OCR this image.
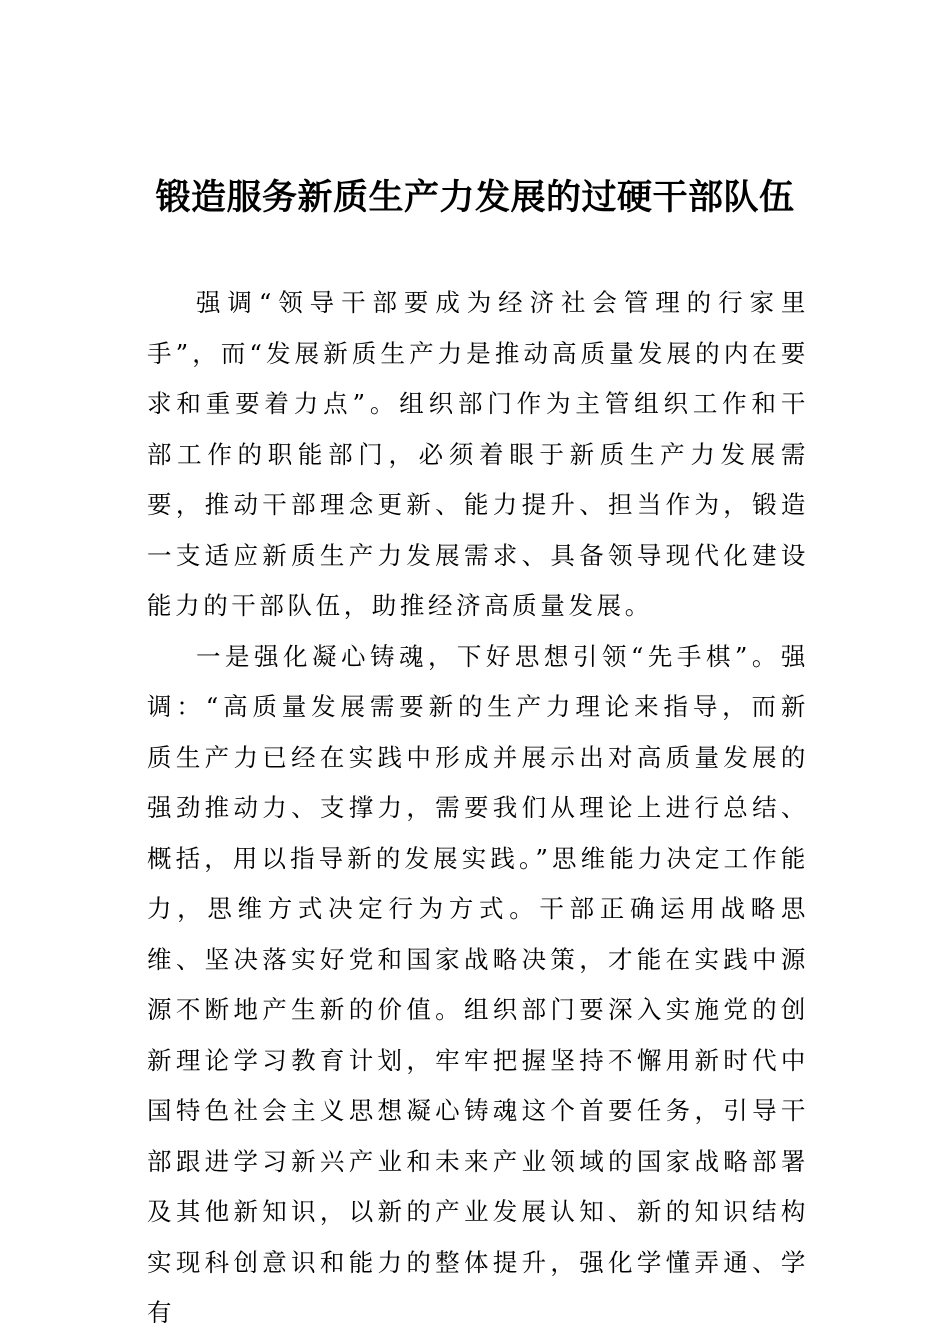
锻造服务新质生产力发展的过硬干部队伍

强调“领导干部要成为经济社会管理的行家里手”，而“发展新质生产力是推动高质量发展的内在要求和重要着力点”。组织部门作为主管组织工作和干部工作的职能部门，必须着眼于新质生产力发展需要，推动干部理念更新、能力提升、担当作为，锻造一支适应新质生产力发展需求、具备领导现代化建设能力的干部队伍，助推经济高质量发展。

一是强化凝心铸魂，下好思想引领“先手棋”。强调：“高质量发展需要新的生产力理论来指导，而新质生产力已经在实践中形成并展示出对高质量发展的强劲推动力、支撑力，需要我们从理论上进行总结、概括，用以指导新的发展实践。”思维能力决定工作能力，思维方式决定行为方式。干部正确运用战略思维、坚决落实好党和国家战略决策，才能在实践中源源不断地产生新的价值。组织部门要深入实施党的创新理论学习教育计划，牢牢把握坚持不懈用新时代中国特色社会主义思想凝心铸魂这个首要任务，引导干部跟进学习新兴产业和未来产业领域的国家战略部署及其他新知识，以新的产业发展认知、新的知识结构实现科创意识和能力的整体提升，强化学懂弄通、学有
